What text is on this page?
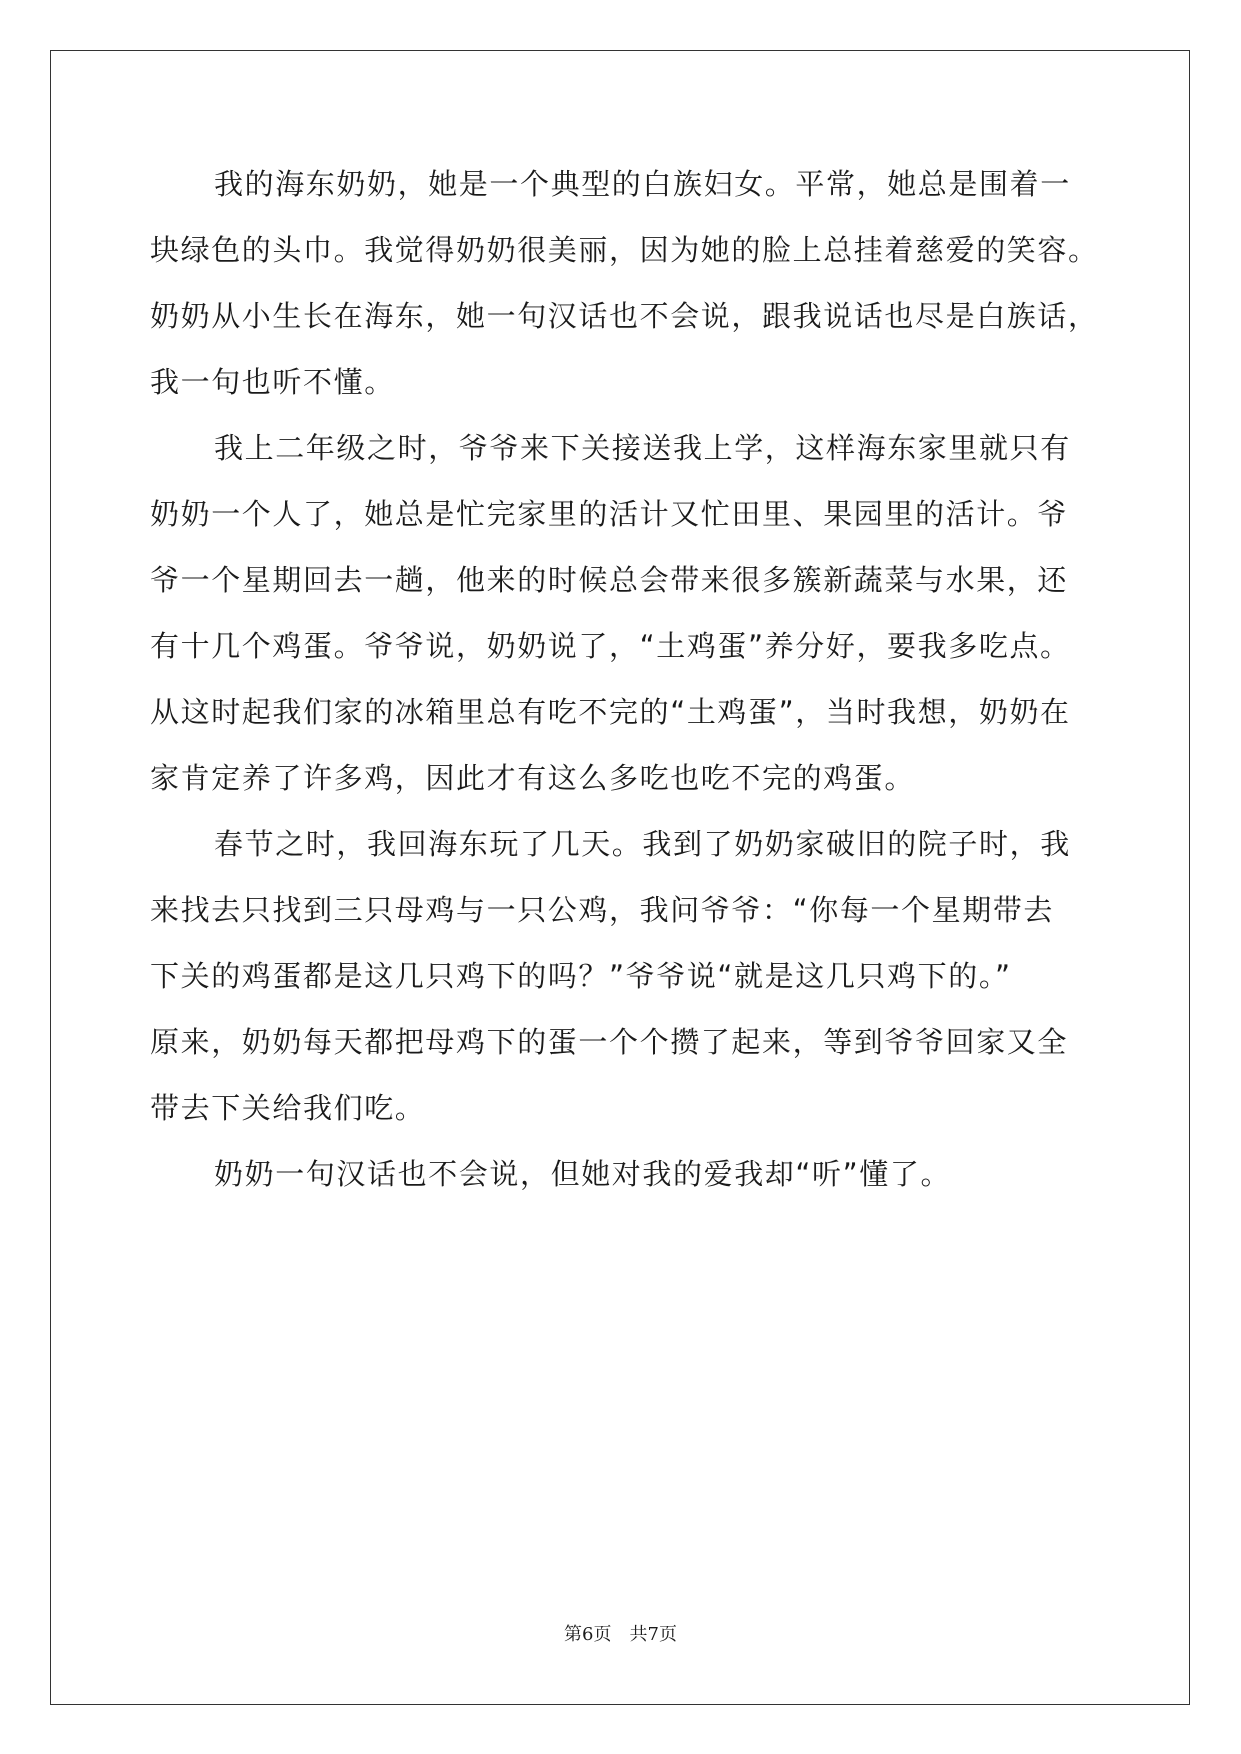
我的海东奶奶，她是一个典型的白族妇女。平常，她总是围着一
块绿色的头巾。我觉得奶奶很美丽，因为她的脸上总挂着慈爱的笑容。
奶奶从小生长在海东，她一句汉话也不会说，跟我说话也尽是白族话，
我一句也听不懂。
我上二年级之时，爷爷来下关接送我上学，这样海东家里就只有
奶奶一个人了，她总是忙完家里的活计又忙田里、果园里的活计。爷
爷一个星期回去一趟，他来的时候总会带来很多簇新蔬菜与水果，还
有十几个鸡蛋。爷爷说，奶奶说了，“土鸡蛋”养分好，要我多吃点。
从这时起我们家的冰箱里总有吃不完的“土鸡蛋”，当时我想，奶奶在
家肯定养了许多鸡，因此才有这么多吃也吃不完的鸡蛋。
春节之时，我回海东玩了几天。我到了奶奶家破旧的院子时，我
来找去只找到三只母鸡与一只公鸡，我问爷爷：“你每一个星期带去
下关的鸡蛋都是这几只鸡下的吗？”爷爷说“就是这几只鸡下的。”
原来，奶奶每天都把母鸡下的蛋一个个攒了起来，等到爷爷回家又全
带去下关给我们吃。
奶奶一句汉话也不会说，但她对我的爱我却“听”懂了。
第6页 共7页
